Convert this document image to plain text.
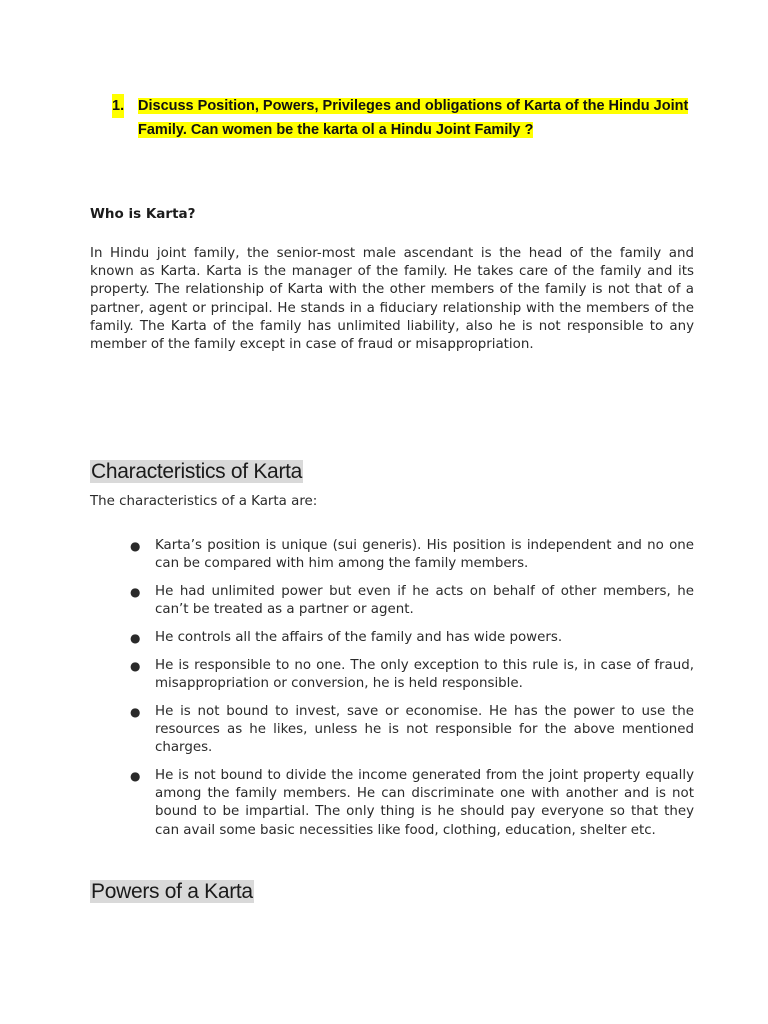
1. Discuss Position, Powers, Privileges and obligations of Karta of the Hindu Joint Family. Can women be the karta ol a Hindu Joint Family ?
Who is Karta?

In Hindu joint family, the senior-most male ascendant is the head of the family and known as Karta. Karta is the manager of the family. He takes care of the family and its property. The relationship of Karta with the other members of the family is not that of a partner, agent or principal. He stands in a fiduciary relationship with the members of the family. The Karta of the family has unlimited liability, also he is not responsible to any member of the family except in case of fraud or misappropriation.

Characteristics of Karta
The characteristics of a Karta are:
● Karta’s position is unique (sui generis). His position is independent and no one can be compared with him among the family members.
● He had unlimited power but even if he acts on behalf of other members, he can’t be treated as a partner or agent.
● He controls all the affairs of the family and has wide powers.
● He is responsible to no one. The only exception to this rule is, in case of fraud, misappropriation or conversion, he is held responsible.
● He is not bound to invest, save or economise. He has the power to use the resources as he likes, unless he is not responsible for the above mentioned charges.
● He is not bound to divide the income generated from the joint property equally among the family members. He can discriminate one with another and is not bound to be impartial. The only thing is he should pay everyone so that they can avail some basic necessities like food, clothing, education, shelter etc.
Powers of a Karta
